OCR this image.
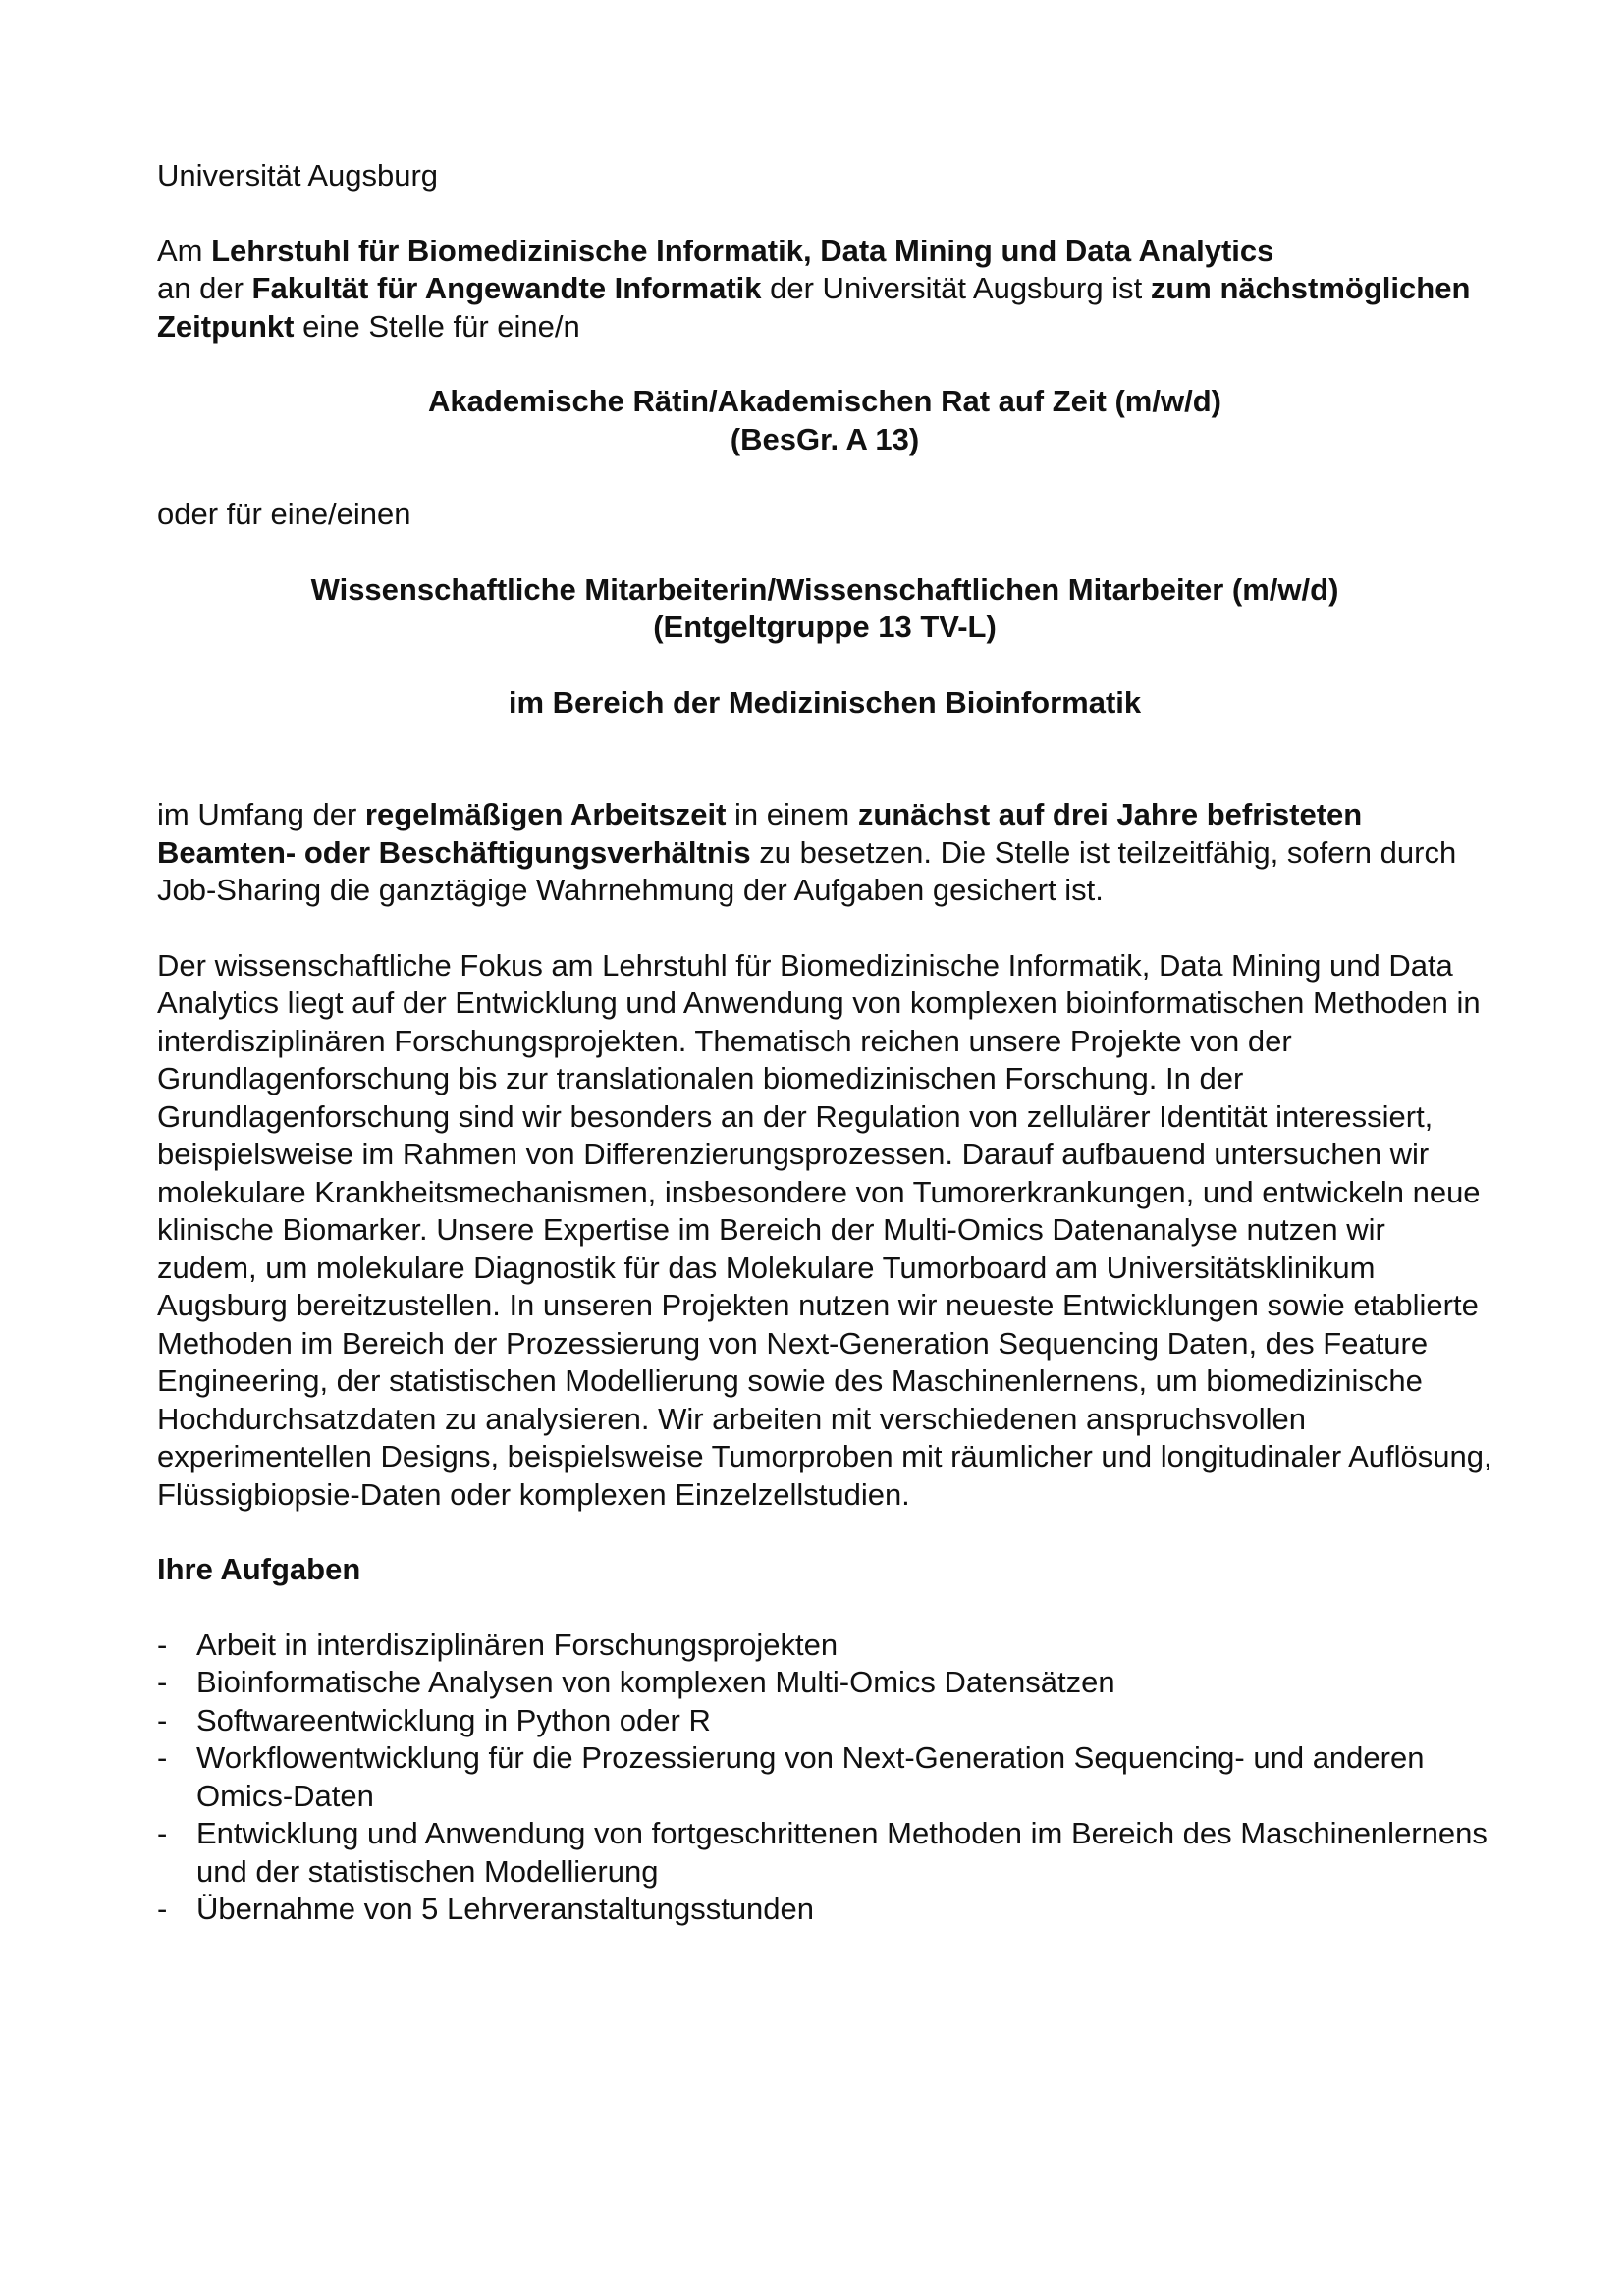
Universität Augsburg

Am Lehrstuhl für Biomedizinische Informatik, Data Mining und Data Analytics
an der Fakultät für Angewandte Informatik der Universität Augsburg ist zum nächstmöglichen Zeitpunkt eine Stelle für eine/n

Akademische Rätin/Akademischen Rat auf Zeit (m/w/d)
(BesGr. A 13)

oder für eine/einen

Wissenschaftliche Mitarbeiterin/Wissenschaftlichen Mitarbeiter (m/w/d)
(Entgeltgruppe 13 TV-L)

im Bereich der Medizinischen Bioinformatik

im Umfang der regelmäßigen Arbeitszeit in einem zunächst auf drei Jahre befristeten Beamten- oder Beschäftigungsverhältnis zu besetzen. Die Stelle ist teilzeitfähig, sofern durch Job-Sharing die ganztägige Wahrnehmung der Aufgaben gesichert ist.

Der wissenschaftliche Fokus am Lehrstuhl für Biomedizinische Informatik, Data Mining und Data Analytics liegt auf der Entwicklung und Anwendung von komplexen bioinformatischen Methoden in interdisziplinären Forschungsprojekten. Thematisch reichen unsere Projekte von der Grundlagenforschung bis zur translationalen biomedizinischen Forschung. In der Grundlagenforschung sind wir besonders an der Regulation von zellulärer Identität interessiert, beispielsweise im Rahmen von Differenzierungsprozessen. Darauf aufbauend untersuchen wir molekulare Krankheitsmechanismen, insbesondere von Tumorerkrankungen, und entwickeln neue klinische Biomarker. Unsere Expertise im Bereich der Multi-Omics Datenanalyse nutzen wir zudem, um molekulare Diagnostik für das Molekulare Tumorboard am Universitätsklinikum Augsburg bereitzustellen. In unseren Projekten nutzen wir neueste Entwicklungen sowie etablierte Methoden im Bereich der Prozessierung von Next-Generation Sequencing Daten, des Feature Engineering, der statistischen Modellierung sowie des Maschinenlernens, um biomedizinische Hochdurchsatzdaten zu analysieren. Wir arbeiten mit verschiedenen anspruchsvollen experimentellen Designs, beispielsweise Tumorproben mit räumlicher und longitudinaler Auflösung, Flüssigbiopsie-Daten oder komplexen Einzelzellstudien.

Ihre Aufgaben

- Arbeit in interdisziplinären Forschungsprojekten
- Bioinformatische Analysen von komplexen Multi-Omics Datensätzen
- Softwareentwicklung in Python oder R
- Workflowentwicklung für die Prozessierung von Next-Generation Sequencing- und anderen Omics-Daten
- Entwicklung und Anwendung von fortgeschrittenen Methoden im Bereich des Maschinenlernens und der statistischen Modellierung
- Übernahme von 5 Lehrveranstaltungsstunden
